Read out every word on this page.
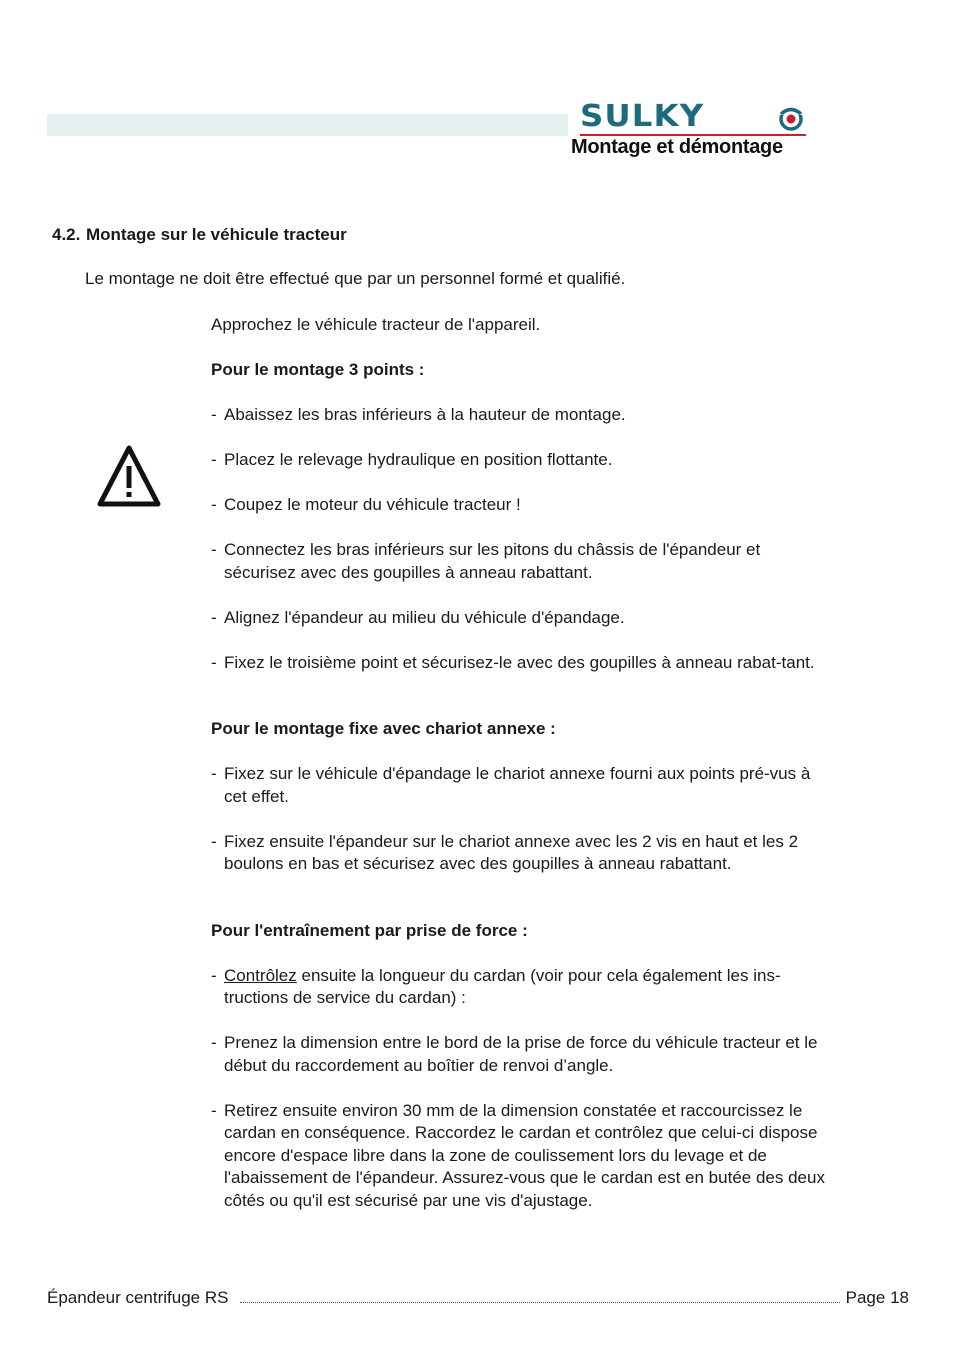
SULKY
Montage et démontage
4.2. Montage sur le véhicule tracteur
Le montage ne doit être effectué que par un personnel formé et qualifié.

Approchez le véhicule tracteur de l'appareil.

Pour le montage 3 points :

- Abaissez les bras inférieurs à la hauteur de montage.
- Placez le relevage hydraulique en position flottante.
- Coupez le moteur du véhicule tracteur !
- Connectez les bras inférieurs sur les pitons du châssis de l'épandeur et sécurisez avec des goupilles à anneau rabattant.
- Alignez l'épandeur au milieu du véhicule d'épandage.
- Fixez le troisième point et sécurisez-le avec des goupilles à anneau rabat-tant.

Pour le montage fixe avec chariot annexe :

- Fixez sur le véhicule d'épandage le chariot annexe fourni aux points pré-vus à cet effet.
- Fixez ensuite l'épandeur sur le chariot annexe avec les 2 vis en haut et les 2 boulons en bas et sécurisez avec des goupilles à anneau rabattant.

Pour l'entraînement par prise de force :

- Contrôlez ensuite la longueur du cardan (voir pour cela également les ins-tructions de service du cardan) :
- Prenez la dimension entre le bord de la prise de force du véhicule tracteur et le début du raccordement au boîtier de renvoi d’angle.
- Retirez ensuite environ 30 mm de la dimension constatée et raccourcissez le cardan en conséquence. Raccordez le cardan et contrôlez que celui-ci dispose encore d'espace libre dans la zone de coulissement lors du levage et de l'abaissement de l'épandeur. Assurez-vous que le cardan est en butée des deux côtés ou qu'il est sécurisé par une vis d'ajustage.
Épandeur centrifuge RS	Page 18
